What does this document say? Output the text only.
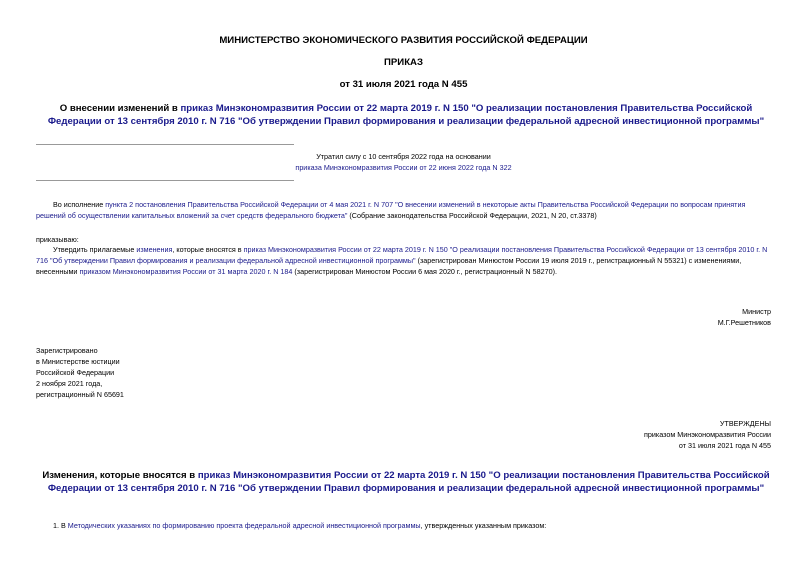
МИНИСТЕРСТВО ЭКОНОМИЧЕСКОГО РАЗВИТИЯ РОССИЙСКОЙ ФЕДЕРАЦИИ
ПРИКАЗ
от 31 июля 2021 года N 455
О внесении изменений в приказ Минэкономразвития России от 22 марта 2019 г. N 150 "О реализации постановления Правительства Российской Федерации от 13 сентября 2010 г. N 716 "Об утверждении Правил формирования и реализации федеральной адресной инвестиционной программы"
Утратил силу с 10 сентября 2022 года на основании
приказа Минэкономразвития России от 22 июня 2022 года N 322
Во исполнение пункта 2 постановления Правительства Российской Федерации от 4 мая 2021 г. N 707 "О внесении изменений в некоторые акты Правительства Российской Федерации по вопросам принятия решений об осуществлении капитальных вложений за счет средств федерального бюджета" (Собрание законодательства Российской Федерации, 2021, N 20, ст.3378)
приказываю:
Утвердить прилагаемые изменения, которые вносятся в приказ Минэкономразвития России от 22 марта 2019 г. N 150 "О реализации постановления Правительства Российской Федерации от 13 сентября 2010 г. N 716 "Об утверждении Правил формирования и реализации федеральной адресной инвестиционной программы" (зарегистрирован Минюстом России 19 июля 2019 г., регистрационный N 55321) с изменениями, внесенными приказом Минэкономразвития России от 31 марта 2020 г. N 184 (зарегистрирован Минюстом России 6 мая 2020 г., регистрационный N 58270).
Министр
М.Г.Решетников
Зарегистрировано
в Министерстве юстиции
Российской Федерации
2 ноября 2021 года,
регистрационный N 65691
УТВЕРЖДЕНЫ
приказом Минэкономразвития России
от 31 июля 2021 года N 455
Изменения, которые вносятся в приказ Минэкономразвития России от 22 марта 2019 г. N 150 "О реализации постановления Правительства Российской Федерации от 13 сентября 2010 г. N 716 "Об утверждении Правил формирования и реализации федеральной адресной инвестиционной программы"
1. В Методических указаниях по формированию проекта федеральной адресной инвестиционной программы, утвержденных указанным приказом:
